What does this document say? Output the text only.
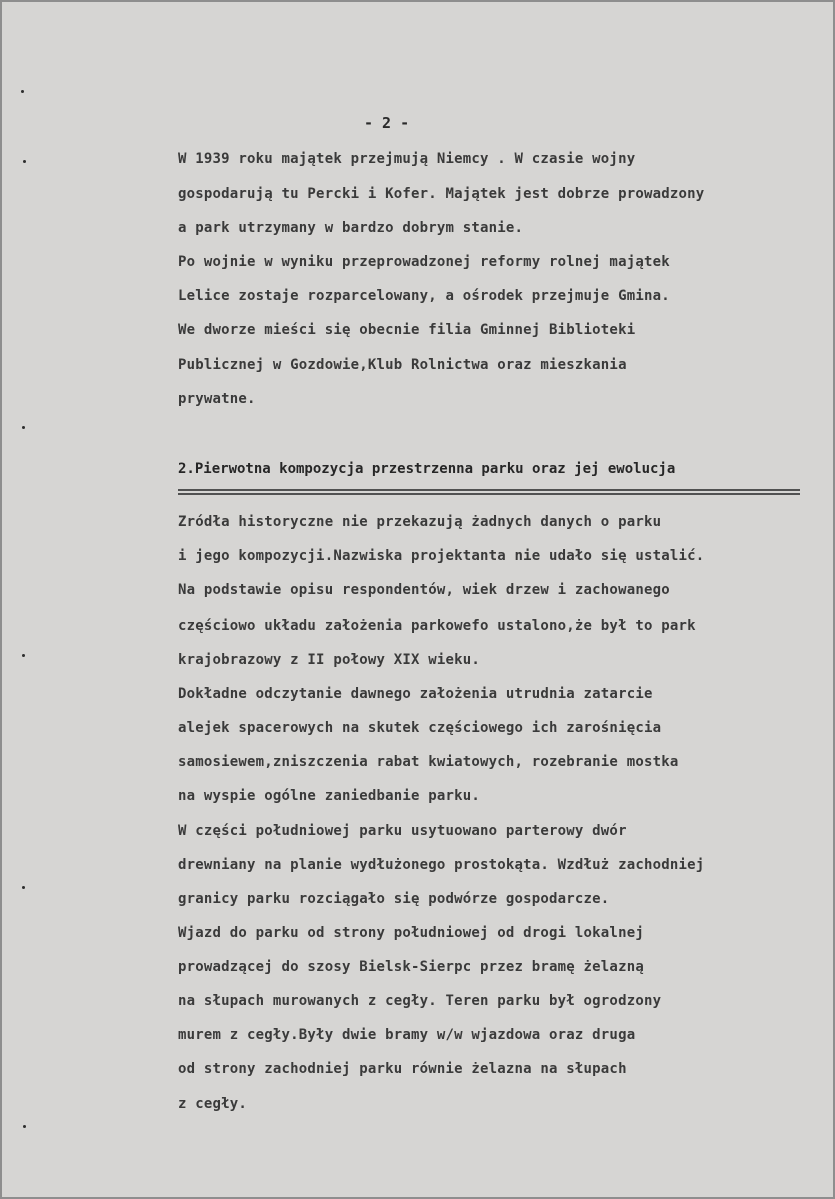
- 2 -
W 1939 roku majątek przejmują Niemcy . W czasie wojny
gospodarują tu Percki i Kofer. Majątek jest dobrze prowadzony
a park utrzymany w bardzo dobrym stanie.
Po wojnie w wyniku przeprowadzonej reformy rolnej majątek
Lelice zostaje rozparcelowany, a ośrodek przejmuje Gmina.
We dworze mieści się obecnie filia Gminnej Biblioteki
Publicznej w Gozdowie,Klub Rolnictwa oraz mieszkania
prywatne.
2.Pierwotna kompozycja przestrzenna parku oraz jej ewolucja
Zródła historyczne nie przekazują żadnych danych o parku
i jego kompozycji.Nazwiska projektanta nie udało się ustalić.
Na podstawie opisu respondentów, wiek drzew i zachowanego
częściowo układu założenia parkowefo ustalono,że był to park
krajobrazowy z II połowy XIX wieku.
Dokładne odczytanie dawnego założenia utrudnia zatarcie
alejek spacerowych na skutek częściowego ich zarośnięcia
samosiewem,zniszczenia rabat kwiatowych, rozebranie mostka
na wyspie ogólne zaniedbanie parku.
W części południowej parku usytuowano parterowy dwór
drewniany na planie wydłużonego prostokąta. Wzdłuż zachodniej
granicy parku rozciągało się podwórze gospodarcze.
Wjazd do parku od strony południowej od drogi lokalnej
prowadzącej do szosy Bielsk-Sierpc przez bramę żelazną
na słupach murowanych z cegły. Teren parku był ogrodzony
murem z cegły.Były dwie bramy w/w wjazdowa oraz druga
od strony zachodniej parku równie żelazna na słupach
z cegły.
